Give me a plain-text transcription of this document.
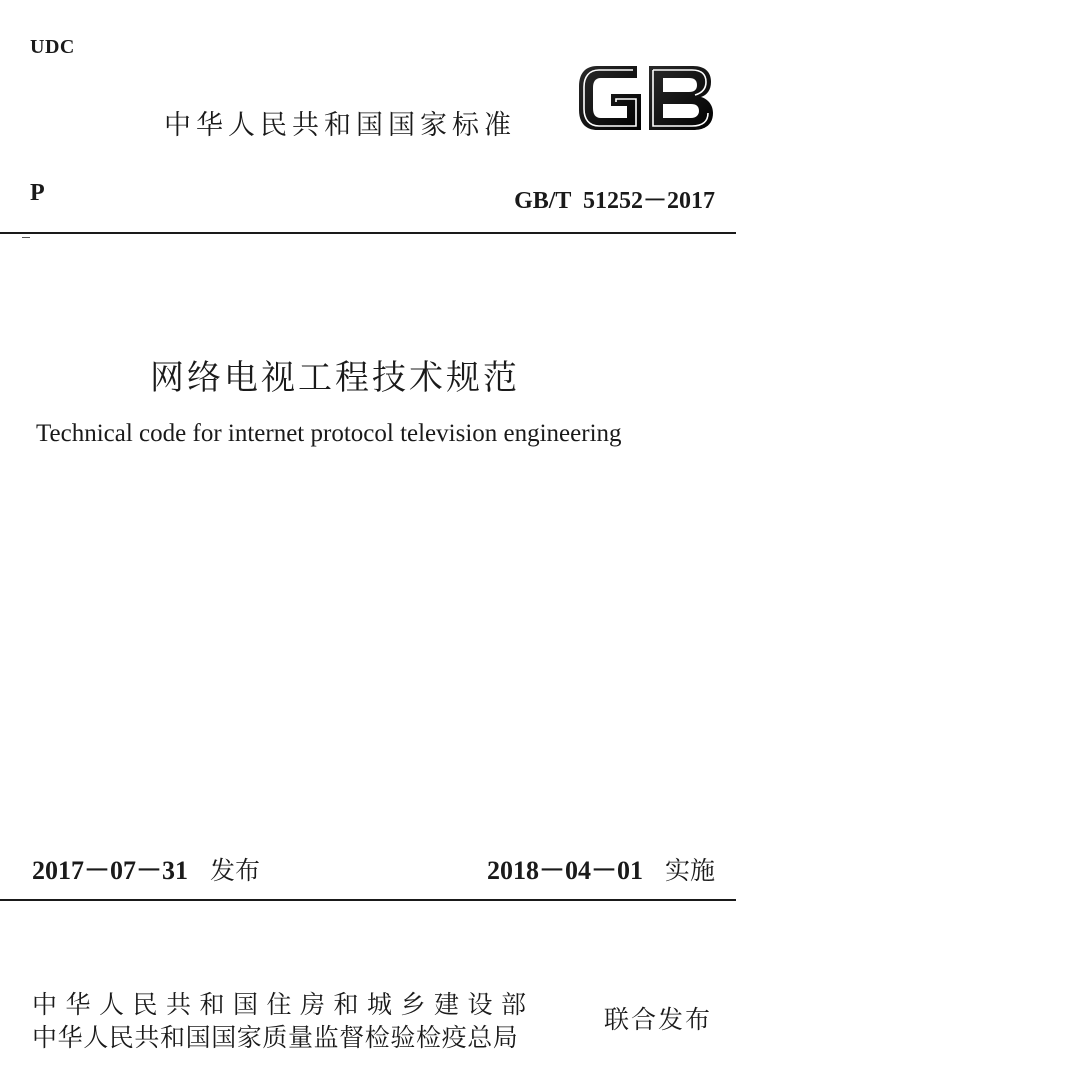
UDC
中华人民共和国国家标准
P	GB/T  51252－2017
网络电视工程技术规范
Technical code for internet protocol television engineering
2017－07－31 发布	2018－04－01 实施
中华人民共和国住房和城乡建设部
中华人民共和国国家质量监督检验检疫总局
联合发布
